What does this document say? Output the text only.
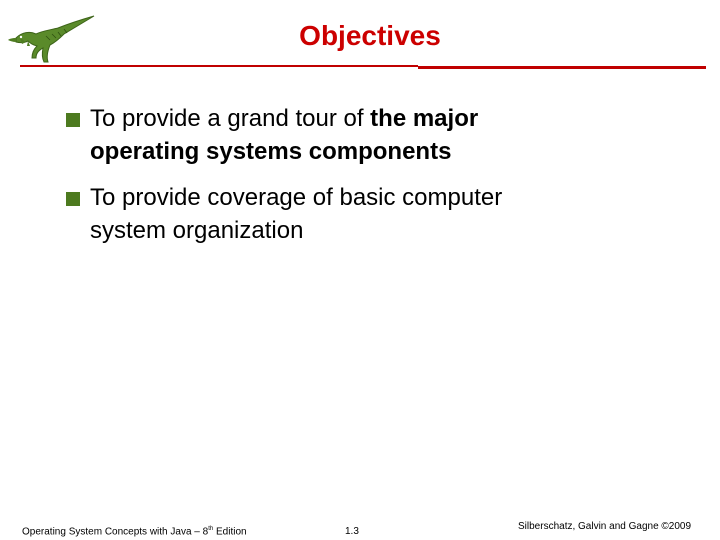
Objectives
To provide a grand tour of the major
operating systems components
To provide coverage of basic computer
system organization
Operating System Concepts with Java – 8th Edition	1.3	Silberschatz, Galvin and Gagne ©2009
